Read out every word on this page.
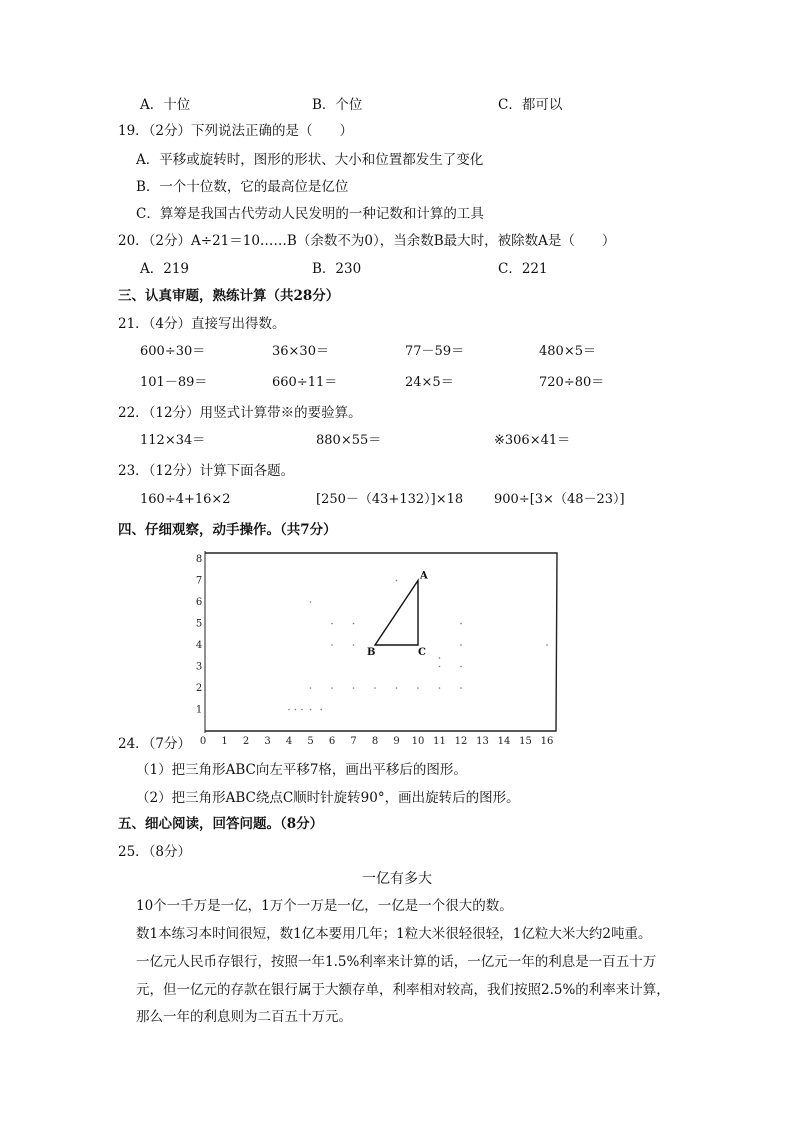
A．十位	B．个位	C．都可以
19．（2分）下列说法正确的是（　　）
A．平移或旋转时，图形的形状、大小和位置都发生了变化
B．一个十位数，它的最高位是亿位
C．算筹是我国古代劳动人民发明的一种记数和计算的工具
20．（2分）A÷21＝10……B（余数不为0），当余数B最大时，被除数A是（　　）
A．219	B．230	C．221
三、认真审题，熟练计算（共28分）
21．（4分）直接写出得数。
600÷30＝	36×30＝	77－59＝	480×5＝
101－89＝	660÷11＝	24×5＝	720÷80＝
22．（12分）用竖式计算带※的要验算。
112×34＝	880×55＝	※306×41＝
23．（12分）计算下面各题。
160÷4+16×2	[250－（43+132）]×18 900÷[3×（48－23）]
四、仔细观察，动手操作。（共7分）
0 1 2 3 4 5 6 7 8 9 10 11 12 13 14 15 16
1
2
3
4
5
6
7
8
A
B	C
24．（7分）
（1）把三角形ABC向左平移7格，画出平移后的图形。
（2）把三角形ABC绕点C顺时针旋转90°，画出旋转后的图形。
五、细心阅读，回答问题。（8分）
25．（8分）
一亿有多大
10个一千万是一亿，1万个一万是一亿，一亿是一个很大的数。
数1本练习本时间很短，数1亿本要用几年；1粒大米很轻很轻，1亿粒大米大约2吨重。
一亿元人民币存银行，按照一年1.5%利率来计算的话，一亿元一年的利息是一百五十万
元，但一亿元的存款在银行属于大额存单，利率相对较高，我们按照2.5%的利率来计算，
那么一年的利息则为二百五十万元。
